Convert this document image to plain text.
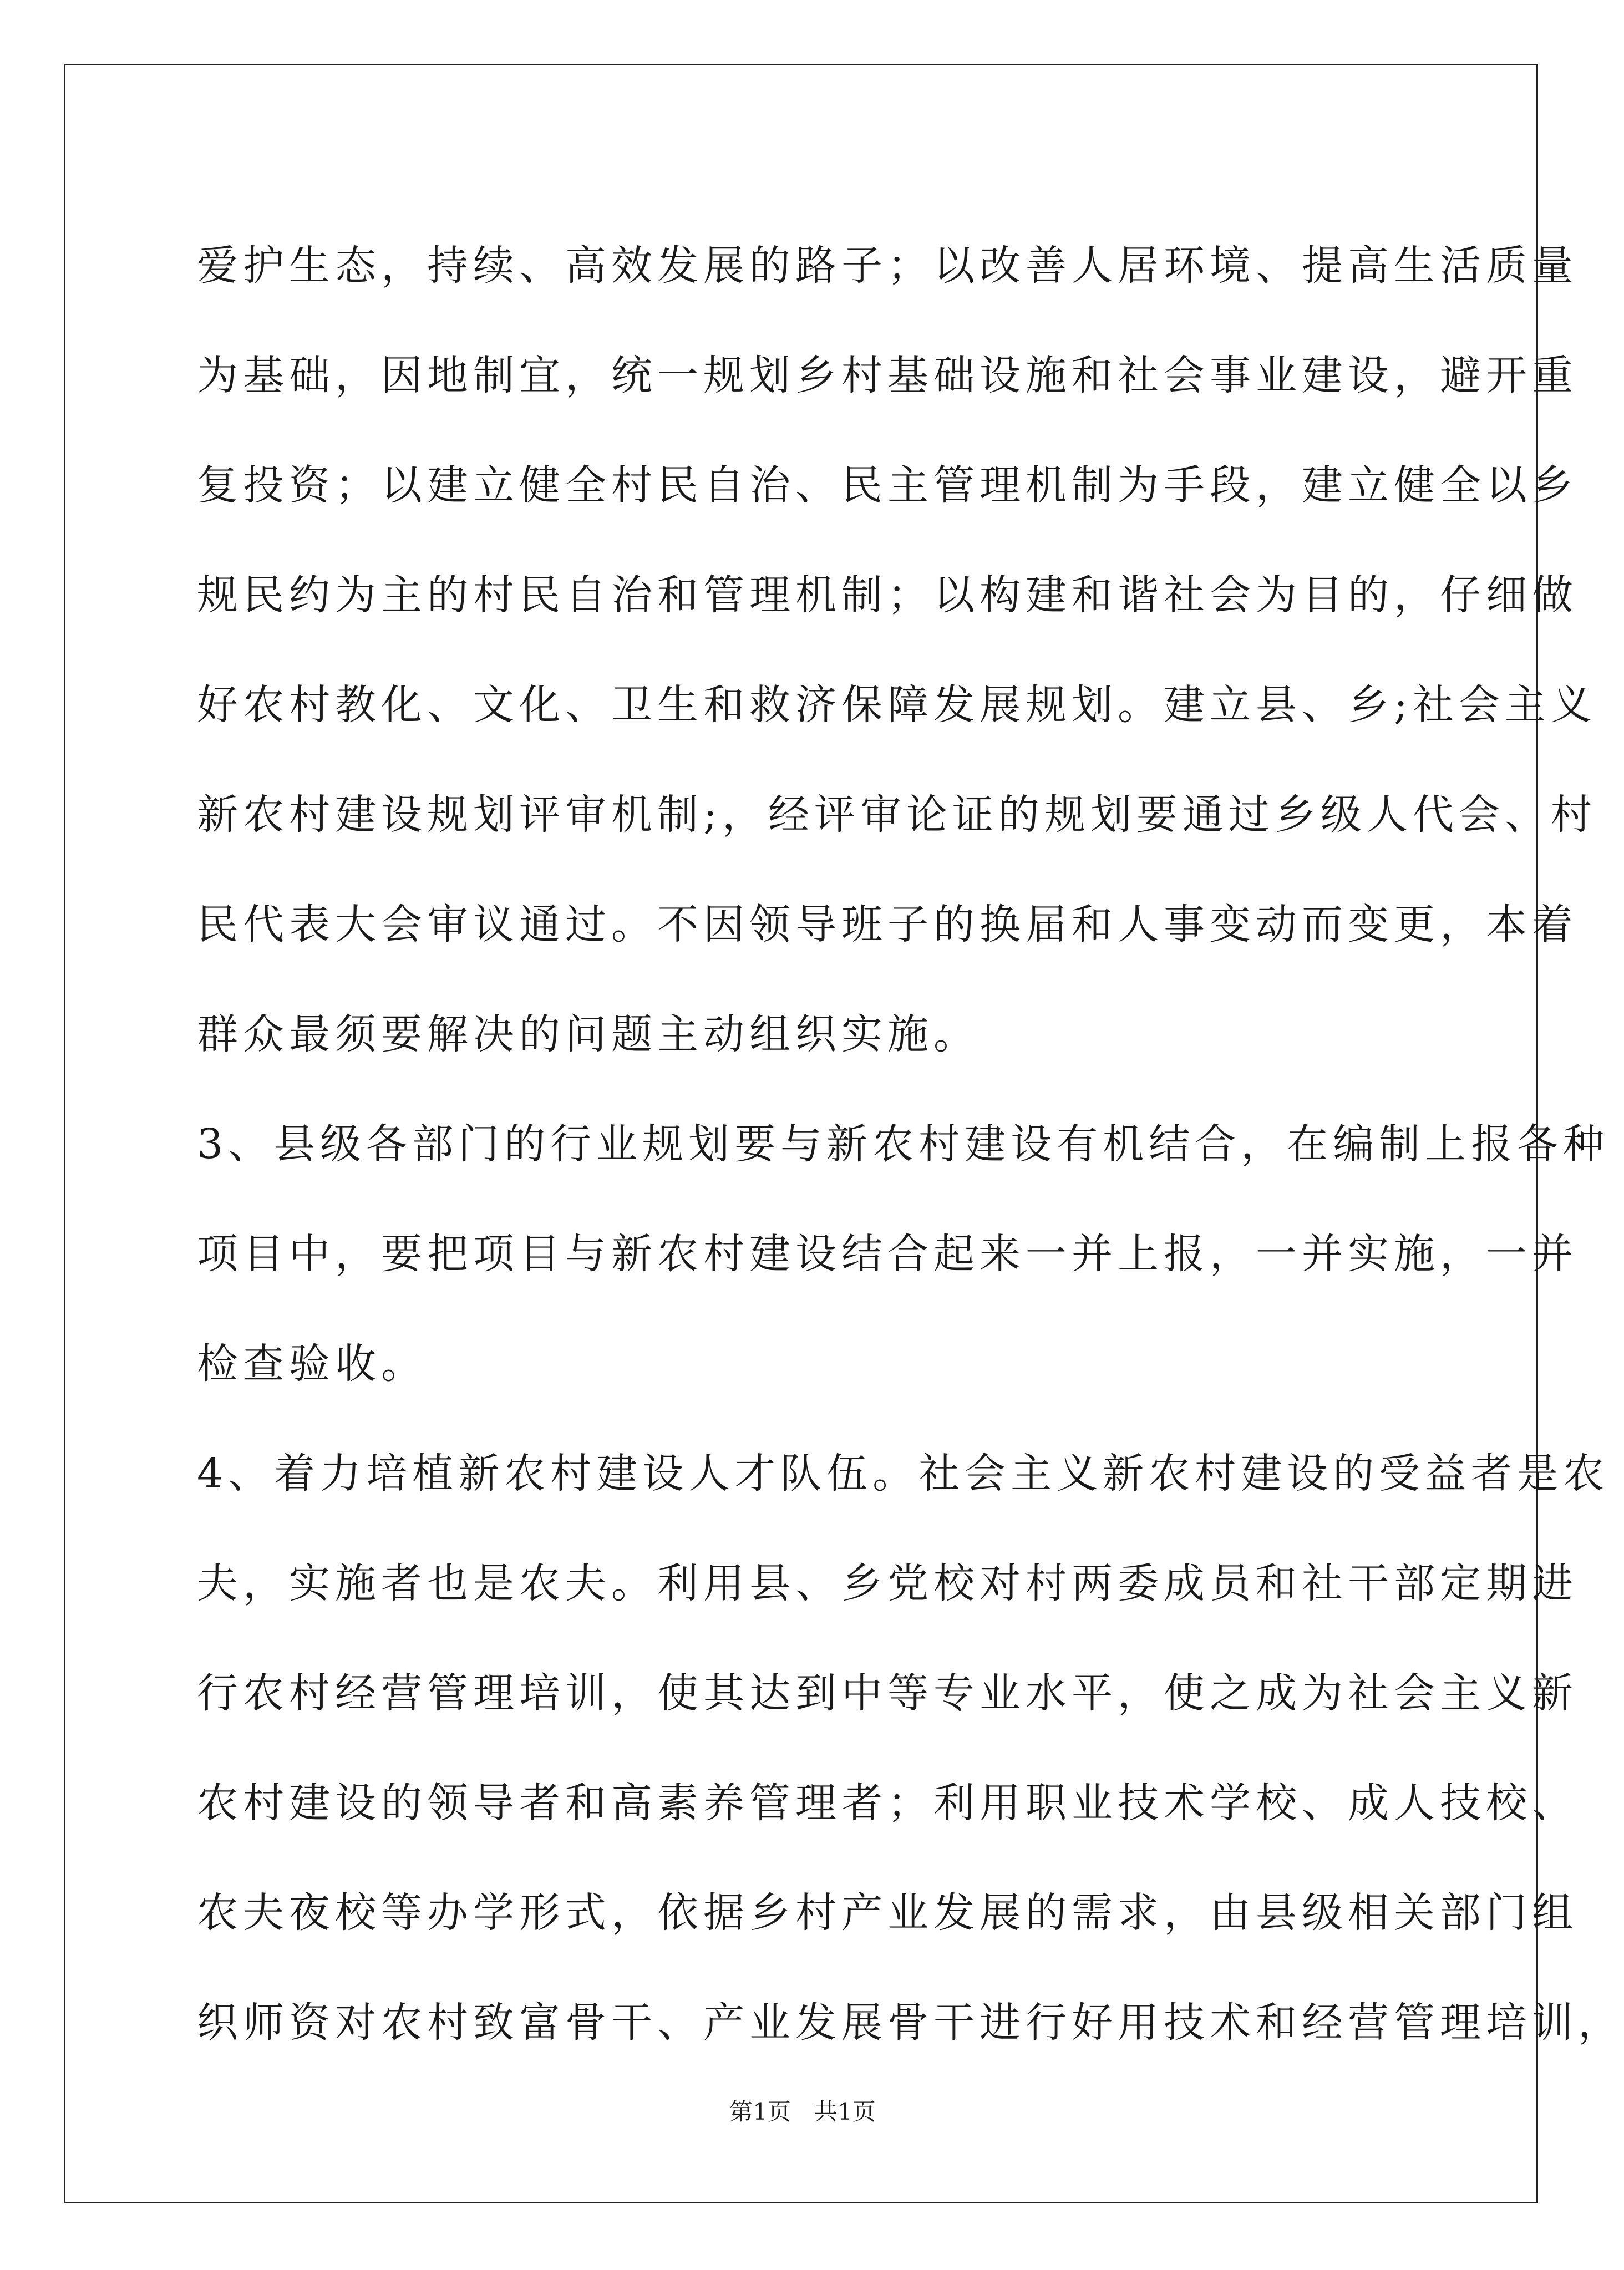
爱护生态，持续、高效发展的路子；以改善人居环境、提高生活质量
为基础，因地制宜，统一规划乡村基础设施和社会事业建设，避开重
复投资；以建立健全村民自治、民主管理机制为手段，建立健全以乡
规民约为主的村民自治和管理机制；以构建和谐社会为目的，仔细做
好农村教化、文化、卫生和救济保障发展规划。建立县、乡;社会主义
新农村建设规划评审机制;，经评审论证的规划要通过乡级人代会、村
民代表大会审议通过。不因领导班子的换届和人事变动而变更，本着
群众最须要解决的问题主动组织实施。
3、县级各部门的行业规划要与新农村建设有机结合，在编制上报各种
项目中，要把项目与新农村建设结合起来一并上报，一并实施，一并
检查验收。
4、着力培植新农村建设人才队伍。社会主义新农村建设的受益者是农
夫，实施者也是农夫。利用县、乡党校对村两委成员和社干部定期进
行农村经营管理培训，使其达到中等专业水平，使之成为社会主义新
农村建设的领导者和高素养管理者；利用职业技术学校、成人技校、
农夫夜校等办学形式，依据乡村产业发展的需求，由县级相关部门组
织师资对农村致富骨干、产业发展骨干进行好用技术和经营管理培训，
第1页　共1页
